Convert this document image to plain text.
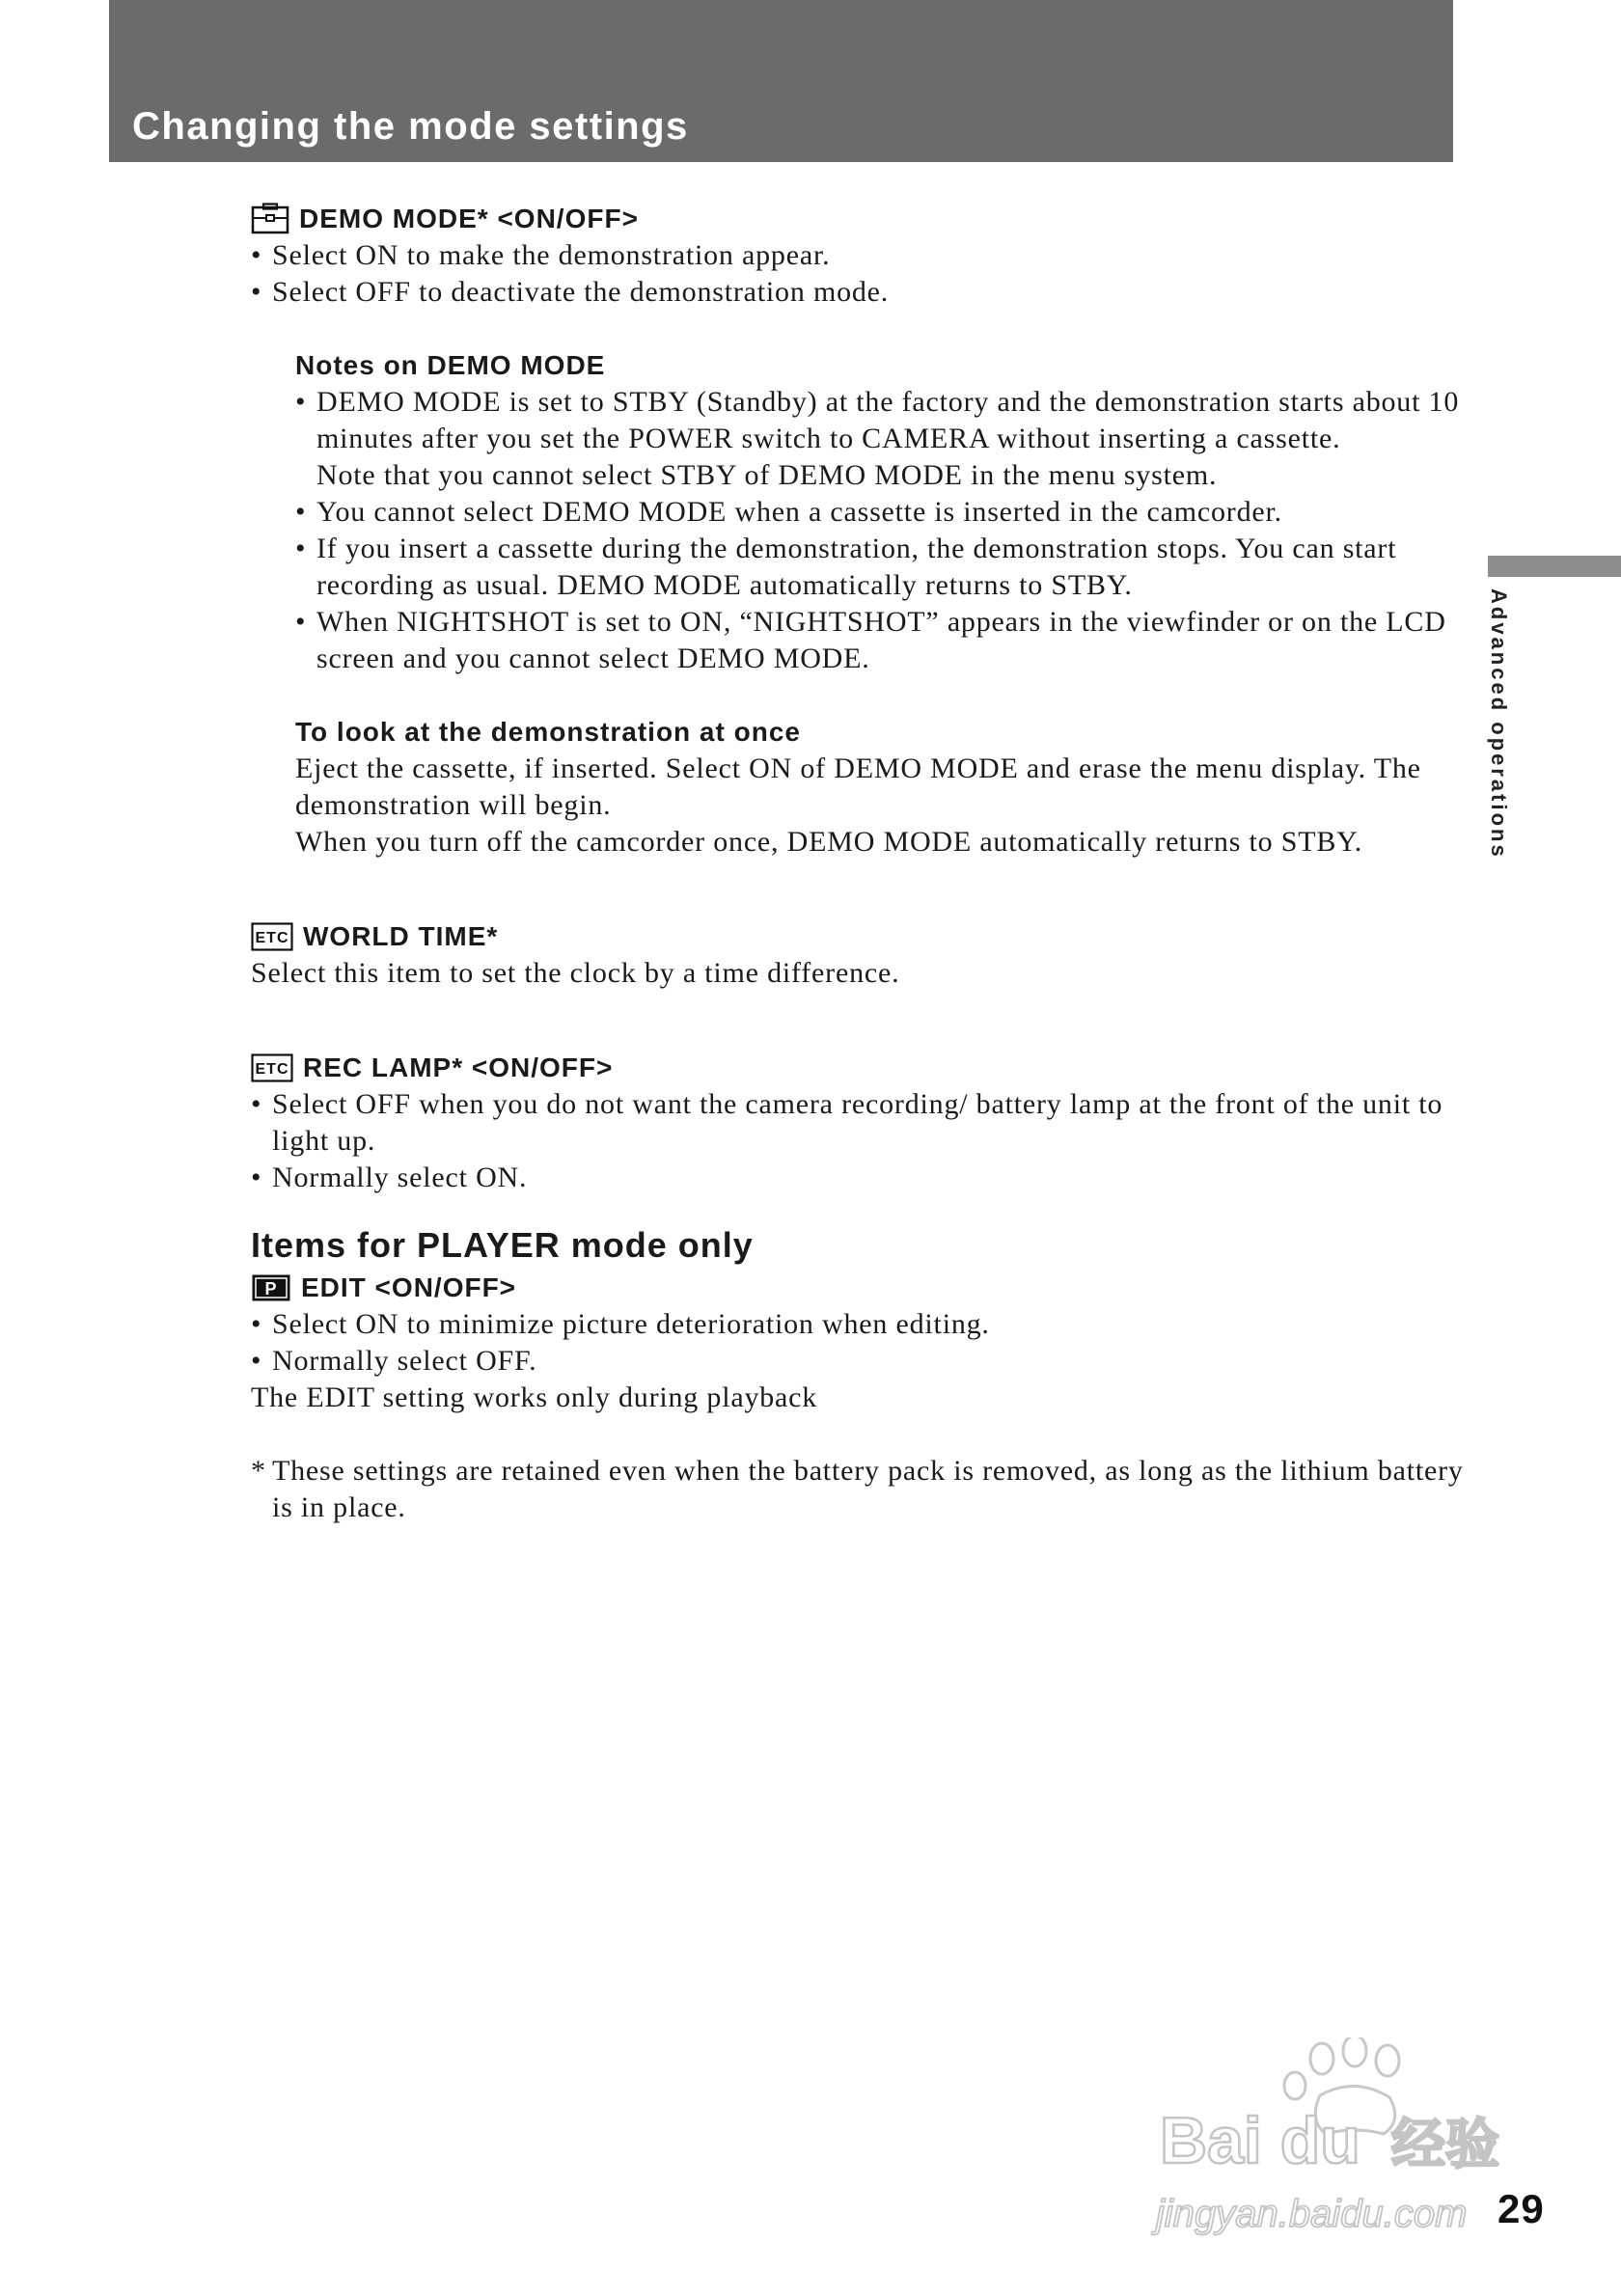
Changing the mode settings
Advanced operations
DEMO MODE* <ON/OFF>
• Select ON to make the demonstration appear.
• Select OFF to deactivate the demonstration mode.

Notes on DEMO MODE

• DEMO MODE is set to STBY (Standby) at the factory and the demonstration starts about 10 minutes after you set the POWER switch to CAMERA without inserting a cassette.
Note that you cannot select STBY of DEMO MODE in the menu system.
• You cannot select DEMO MODE when a cassette is inserted in the camcorder.
• If you insert a cassette during the demonstration, the demonstration stops. You can start recording as usual. DEMO MODE automatically returns to STBY.
• When NIGHTSHOT is set to ON, “NIGHTSHOT” appears in the viewfinder or on the LCD screen and you cannot select DEMO MODE.

To look at the demonstration at once

Eject the cassette, if inserted. Select ON of DEMO MODE and erase the menu display. The demonstration will begin.

When you turn off the camcorder once, DEMO MODE automatically returns to STBY.

ETC WORLD TIME*

Select this item to set the clock by a time difference.

ETC REC LAMP* <ON/OFF>
• Select OFF when you do not want the camera recording/ battery lamp at the front of the unit to light up.
• Normally select ON.

Items for PLAYER mode only

P EDIT <ON/OFF>
• Select ON to minimize picture deterioration when editing.
• Normally select OFF.

The EDIT setting works only during playback

* These settings are retained even when the battery pack is removed, as long as the lithium battery is in place.

Bai du 经验
jingyan.baidu.com 29
